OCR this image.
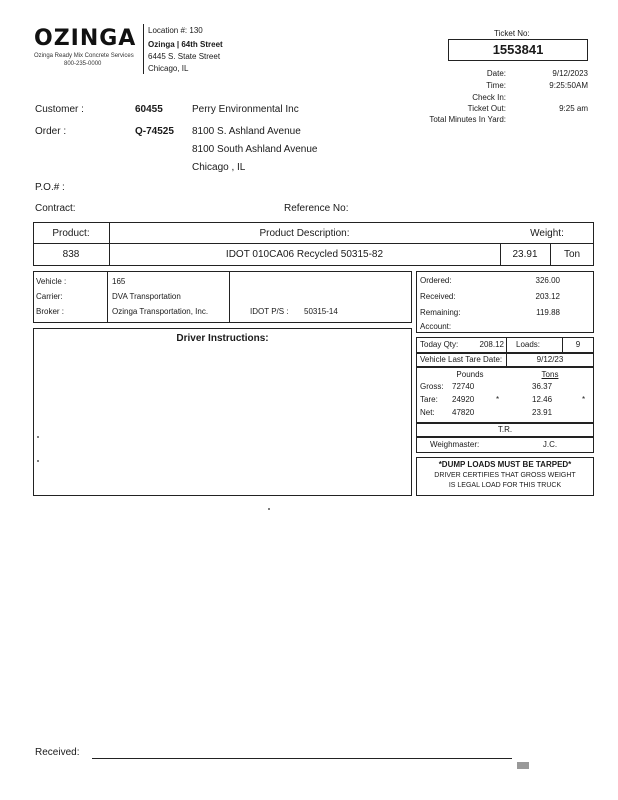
OZINGA
Ozinga Ready Mix Concrete Services
800-235-0000
Location #: 130
Ozinga | 64th Street
6445 S. State Street
Chicago, IL
Ticket No:
1553841
Date:	9/12/2023
Time:	9:25:50AM
Check In:
Ticket Out:	9:25 am
Total Minutes In Yard:
Customer :	60455	Perry Environmental Inc
Order :	Q-74525 8100 S. Ashland Avenue
8100 South Ashland Avenue
Chicago , IL
P.O.# :
Contract:	Reference No:
Product:	Product Description:	Weight:
838	IDOT 010CA06 Recycled 50315-82	23.91	Ton
Vehicle :	165
Carrier:	DVA Transportation
Broker :	Ozinga Transportation, Inc.	IDOT P/S : 50315-14
Ordered:	326.00
Received:	203.12
Remaining:	119.88
Account:
Driver Instructions:
Today Qty:	208.12 Loads:	9
Vehicle Last Tare Date:	9/12/23
Pounds	Tons
Gross: 72740	36.37
Tare: 24920	*	12.46	*
Net: 47820	23.91
T.R.
Weighmaster:	J.C.
*DUMP LOADS MUST BE TARPED*
DRIVER CERTIFIES THAT GROSS WEIGHT
IS LEGAL LOAD FOR THIS TRUCK
Received:
